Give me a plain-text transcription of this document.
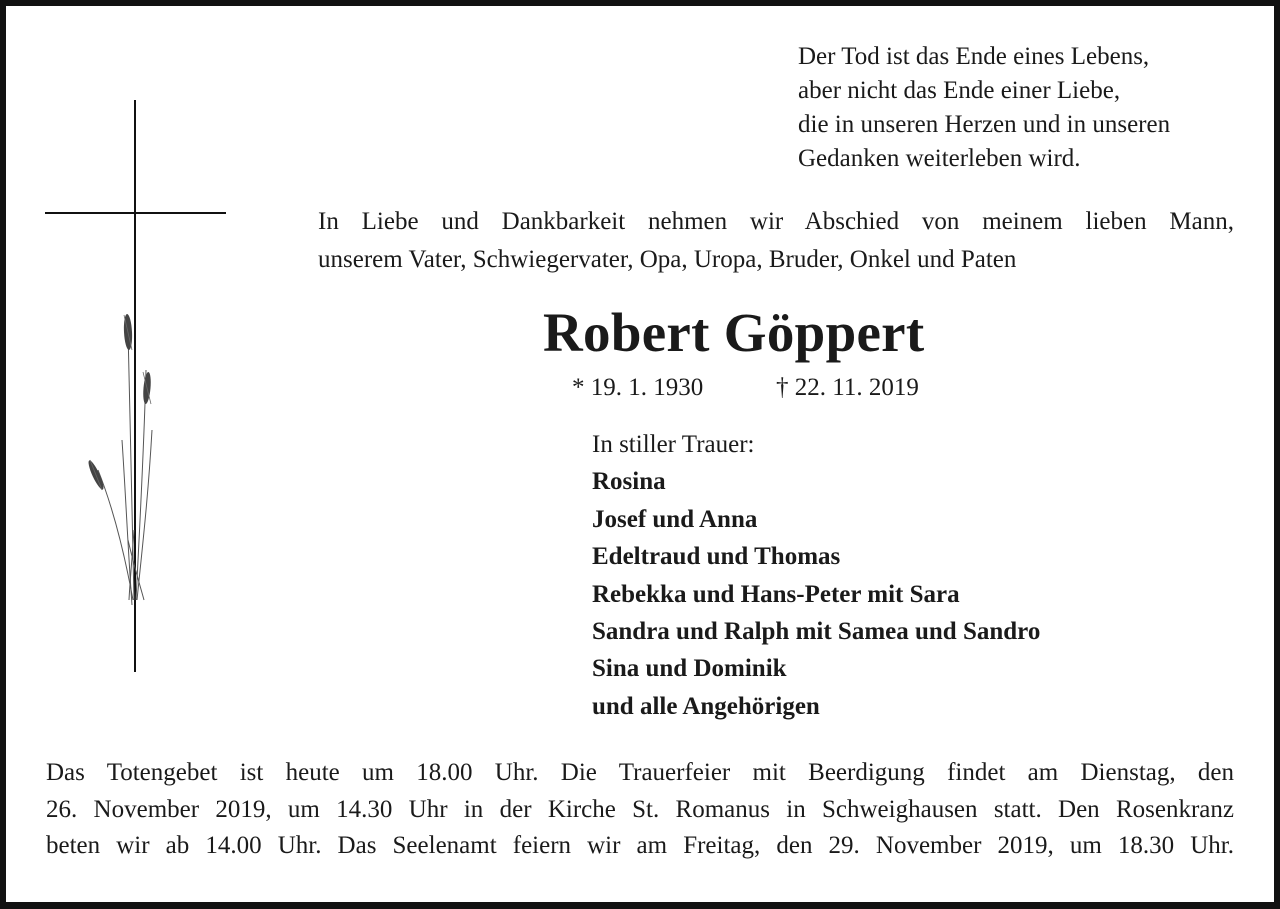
Der Tod ist das Ende eines Lebens,
aber nicht das Ende einer Liebe,
die in unseren Herzen und in unseren
Gedanken weiterleben wird.
In Liebe und Dankbarkeit nehmen wir Abschied von meinem lieben Mann,
unserem Vater, Schwiegervater, Opa, Uropa, Bruder, Onkel und Paten
Robert Göppert
* 19. 1. 1930	† 22. 11. 2019
In stiller Trauer:
Rosina
Josef und Anna
Edeltraud und Thomas
Rebekka und Hans-Peter mit Sara
Sandra und Ralph mit Samea und Sandro
Sina und Dominik
und alle Angehörigen
Das Totengebet ist heute um 18.00 Uhr. Die Trauerfeier mit Beerdigung findet am Dienstag, den
26. November 2019, um 14.30 Uhr in der Kirche St. Romanus in Schweighausen statt. Den Rosenkranz
beten wir ab 14.00 Uhr. Das Seelenamt feiern wir am Freitag, den 29. November 2019, um 18.30 Uhr.
